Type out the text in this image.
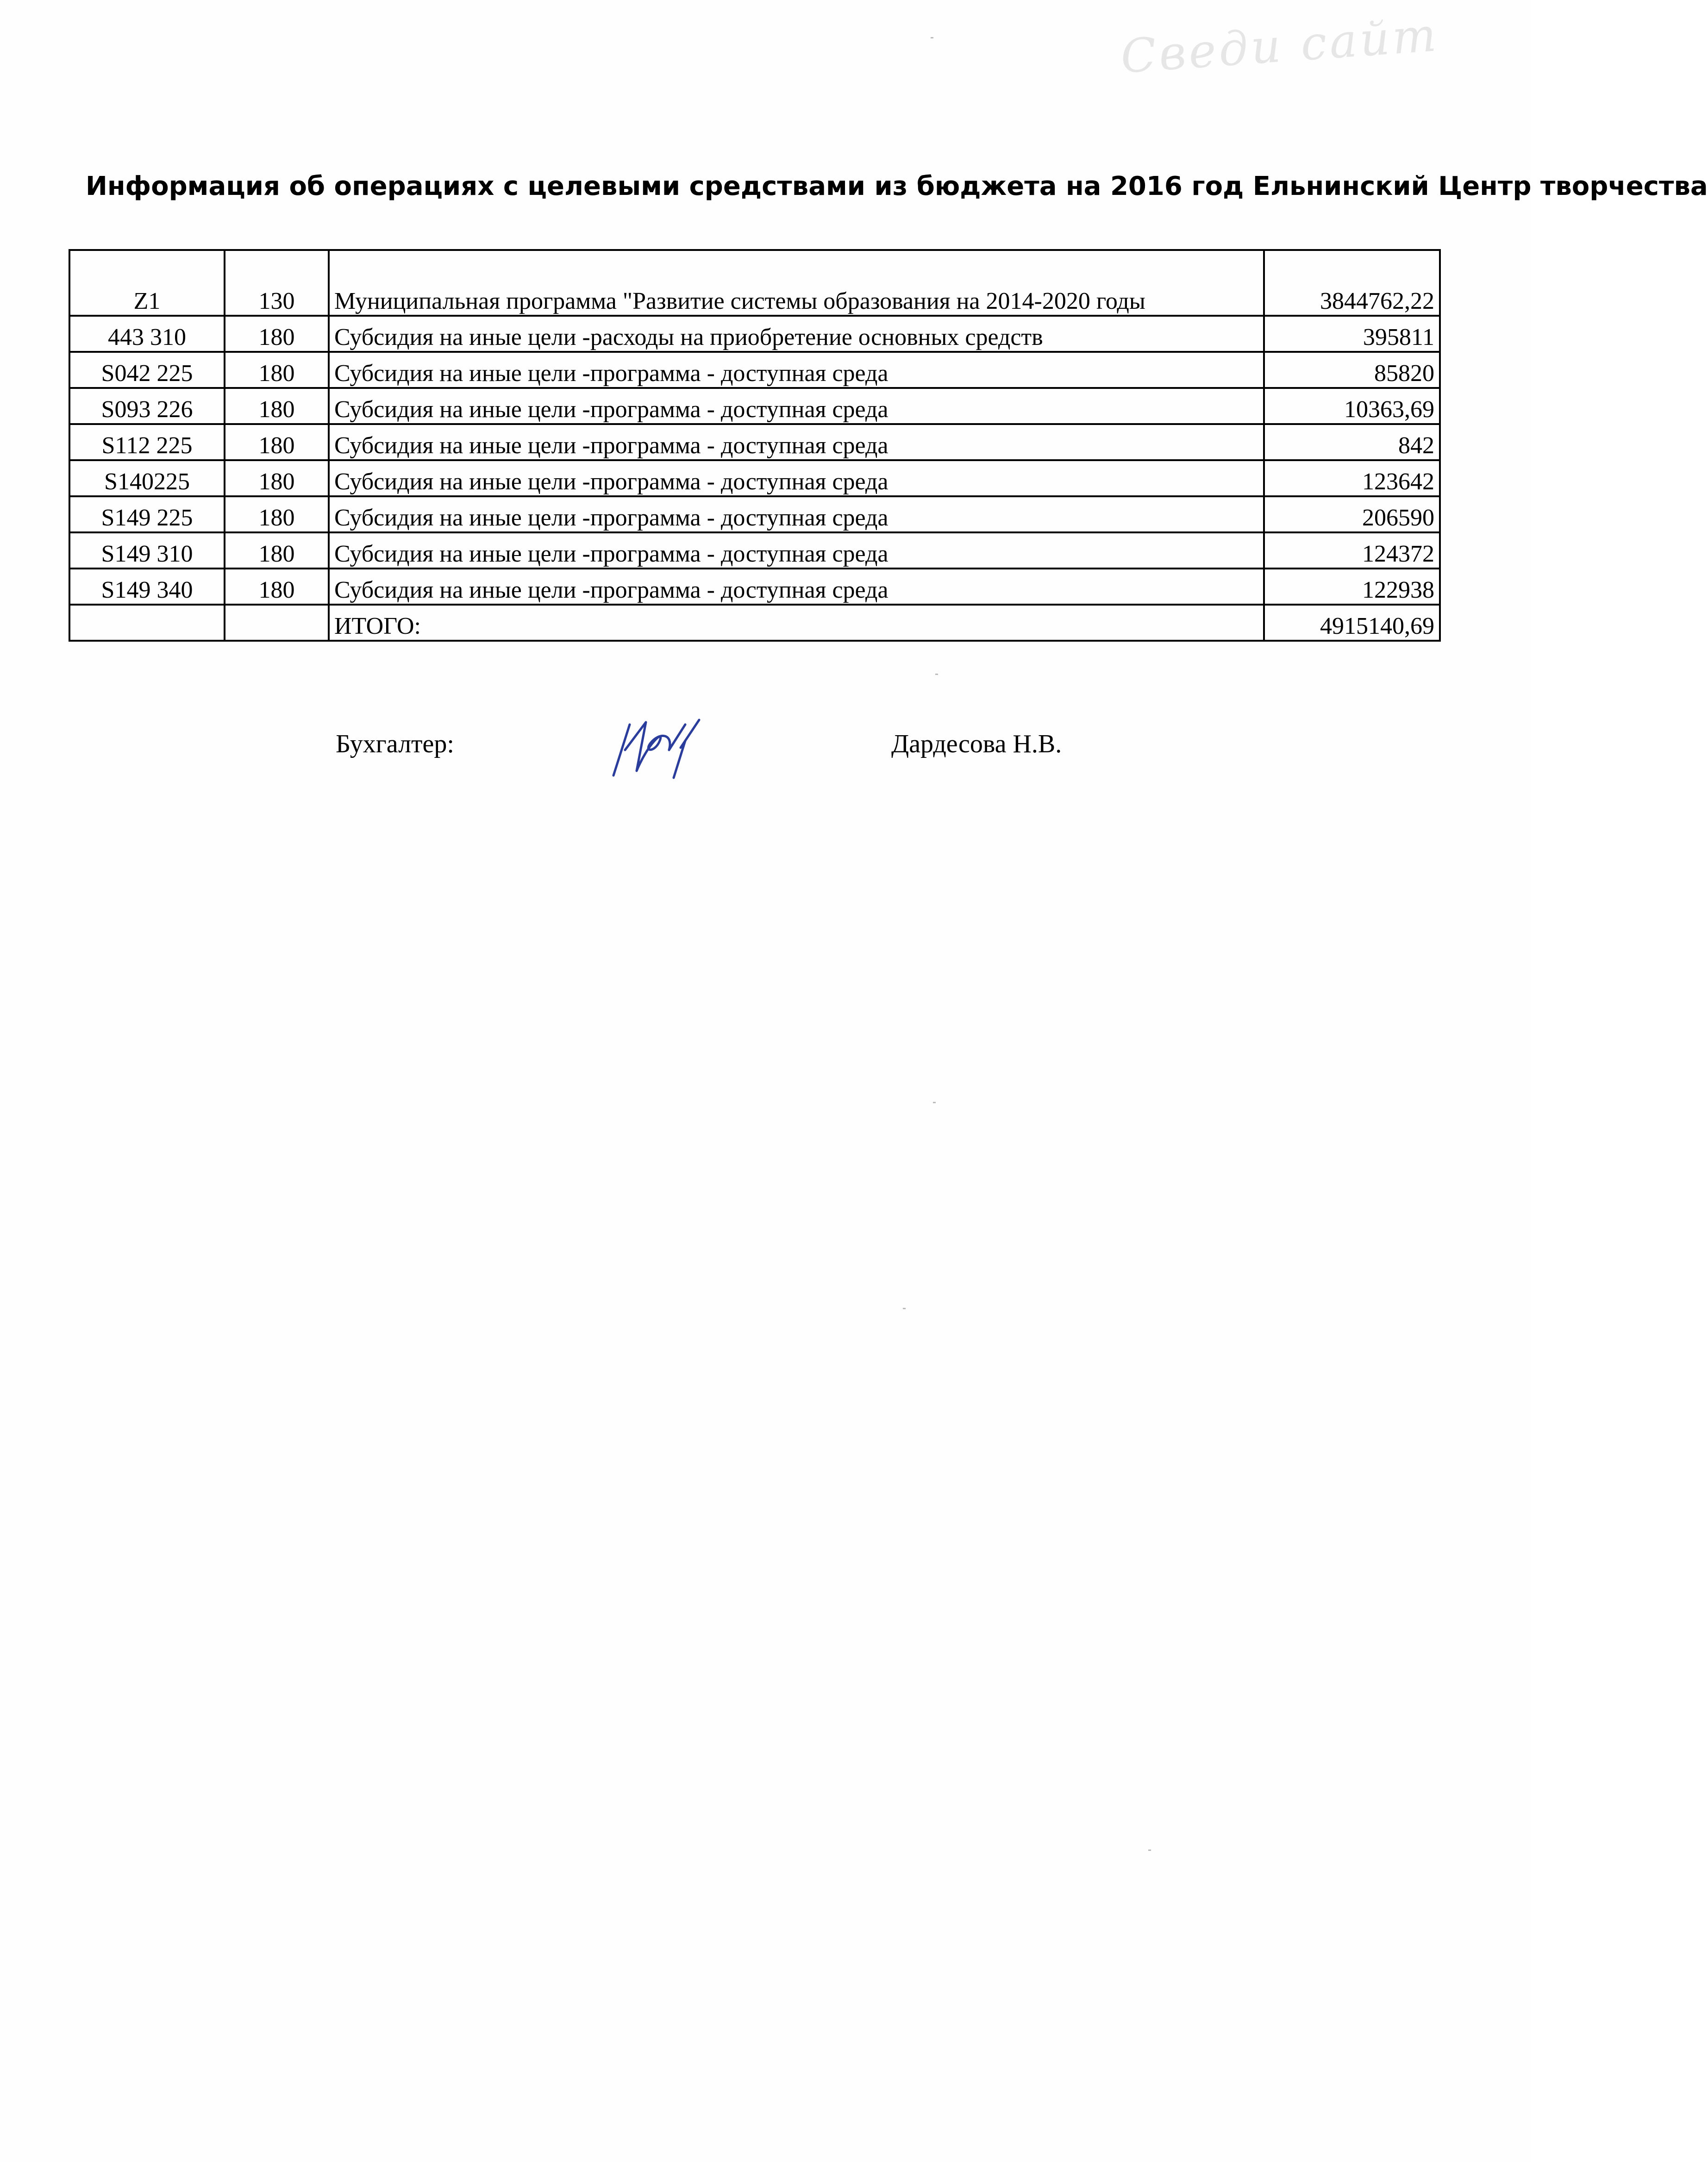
Сведи сайт
Информация об операциях с целевыми средствами из бюджета на 2016 год Ельнинский Центр творчества
Z1	130	Муниципальная программа "Развитие системы образования на 2014-2020 годы	3844762,22
443 310	180	Субсидия на иные цели -расходы на приобретение основных средств	395811
S042 225	180	Субсидия на иные цели -программа - доступная среда	85820
S093 226	180	Субсидия на иные цели -программа - доступная среда	10363,69
S112 225	180	Субсидия на иные цели -программа - доступная среда	842
S140225	180	Субсидия на иные цели -программа - доступная среда	123642
S149 225	180	Субсидия на иные цели -программа - доступная среда	206590
S149 310	180	Субсидия на иные цели -программа - доступная среда	124372
S149 340	180	Субсидия на иные цели -программа - доступная среда	122938
		ИТОГО:	4915140,69
Бухгалтер:	Дардесова Н.В.
